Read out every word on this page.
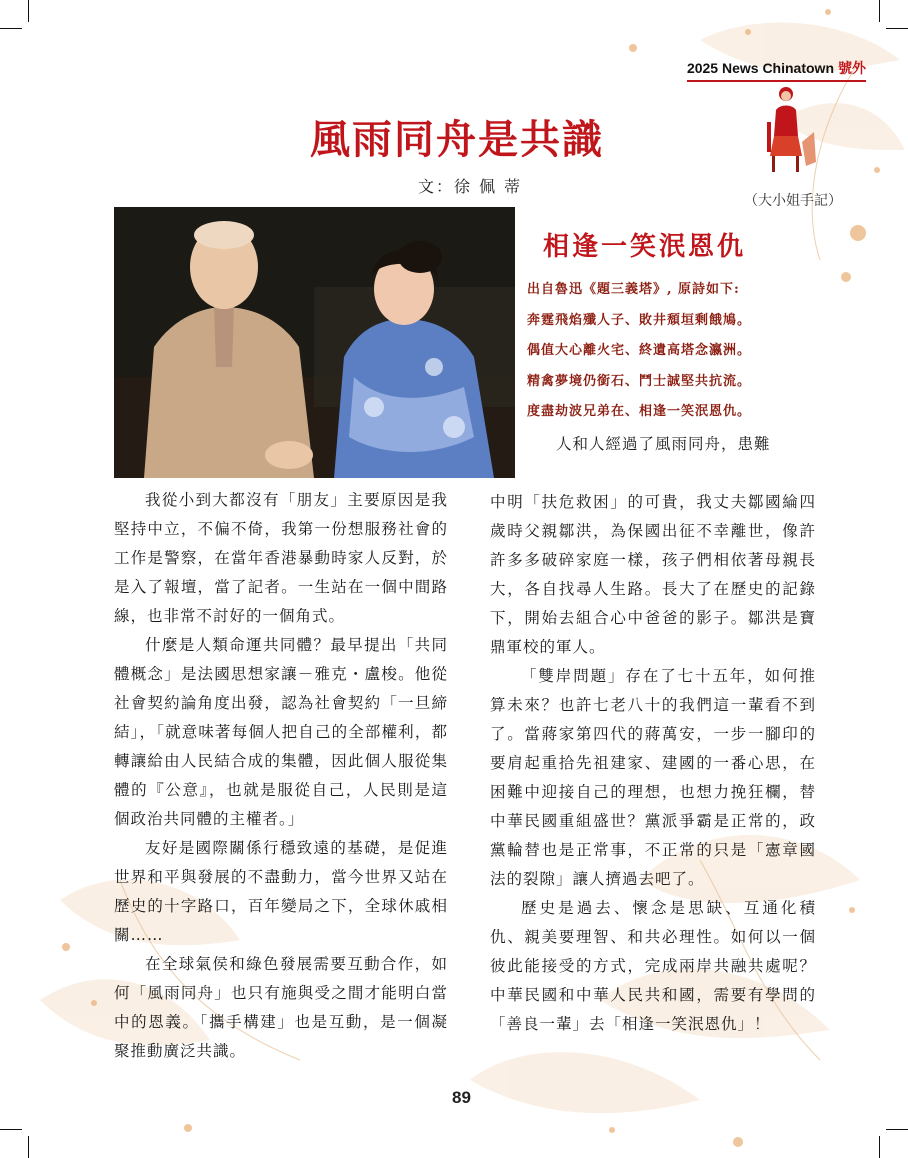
2025 News Chinatown 號外
風雨同舟是共識
文：徐 佩 蒂
（大小姐手記）
相逢一笑泯恩仇
出自魯迅《題三義塔》, 原詩如下:
奔霆飛焰殲人子、敗井頹垣剩餓鳩。
偶值大心離火宅、終遺高塔念瀛洲。
精禽夢境仍銜石、鬥士誠堅共抗流。
度盡劫波兄弟在、相逢一笑泯恩仇。

我從小到大都沒有「朋友」主要原因是我堅持中立，不偏不倚，我第一份想服務社會的工作是警察，在當年香港暴動時家人反對，於是入了報壇，當了記者。一生站在一個中間路線，也非常不討好的一個角式。

什麼是人類命運共同體？最早提出「共同體概念」是法國思想家讓－雅克・盧梭。他從社會契約論角度出發，認為社會契約「一旦締結」，「就意味著每個人把自己的全部權利，都轉讓給由人民結合成的集體，因此個人服從集體的『公意』，也就是服從自己，人民則是這個政治共同體的主權者。」

友好是國際關係行穩致遠的基礎，是促進世界和平與發展的不盡動力，當今世界又站在歷史的十字路口，百年變局之下，全球休戚相關……

在全球氣侯和綠色發展需要互動合作，如何「風雨同舟」也只有施與受之間才能明白當中的恩義。「攜手構建」也是互動，是一個凝聚推動廣泛共識。

人和人經過了風雨同舟，患難

中明「扶危救困」的可貴，我丈夫鄒國綸四歲時父親鄒洪，為保國出征不幸離世，像許許多多破碎家庭一樣，孩子們相依著母親長大，各自找尋人生路。長大了在歷史的記錄下，開始去組合心中爸爸的影子。鄒洪是寶鼎軍校的軍人。

「雙岸問題」存在了七十五年，如何推算未來？也許七老八十的我們這一輩看不到了。當蔣家第四代的蔣萬安，一步一腳印的要肩起重拾先祖建家、建國的一番心思，在困難中迎接自己的理想，也想力挽狂欄，替中華民國重組盛世？黨派爭霸是正常的，政黨輪替也是正常事，不正常的只是「憲章國法的裂隙」讓人擠過去吧了。

歷史是過去、懷念是思缺、互通化積仇、親美要理智、和共必理性。如何以一個彼此能接受的方式，完成兩岸共融共處呢？中華民國和中華人民共和國，需要有學問的「善良一輩」去「相逢一笑泯恩仇」！

89
